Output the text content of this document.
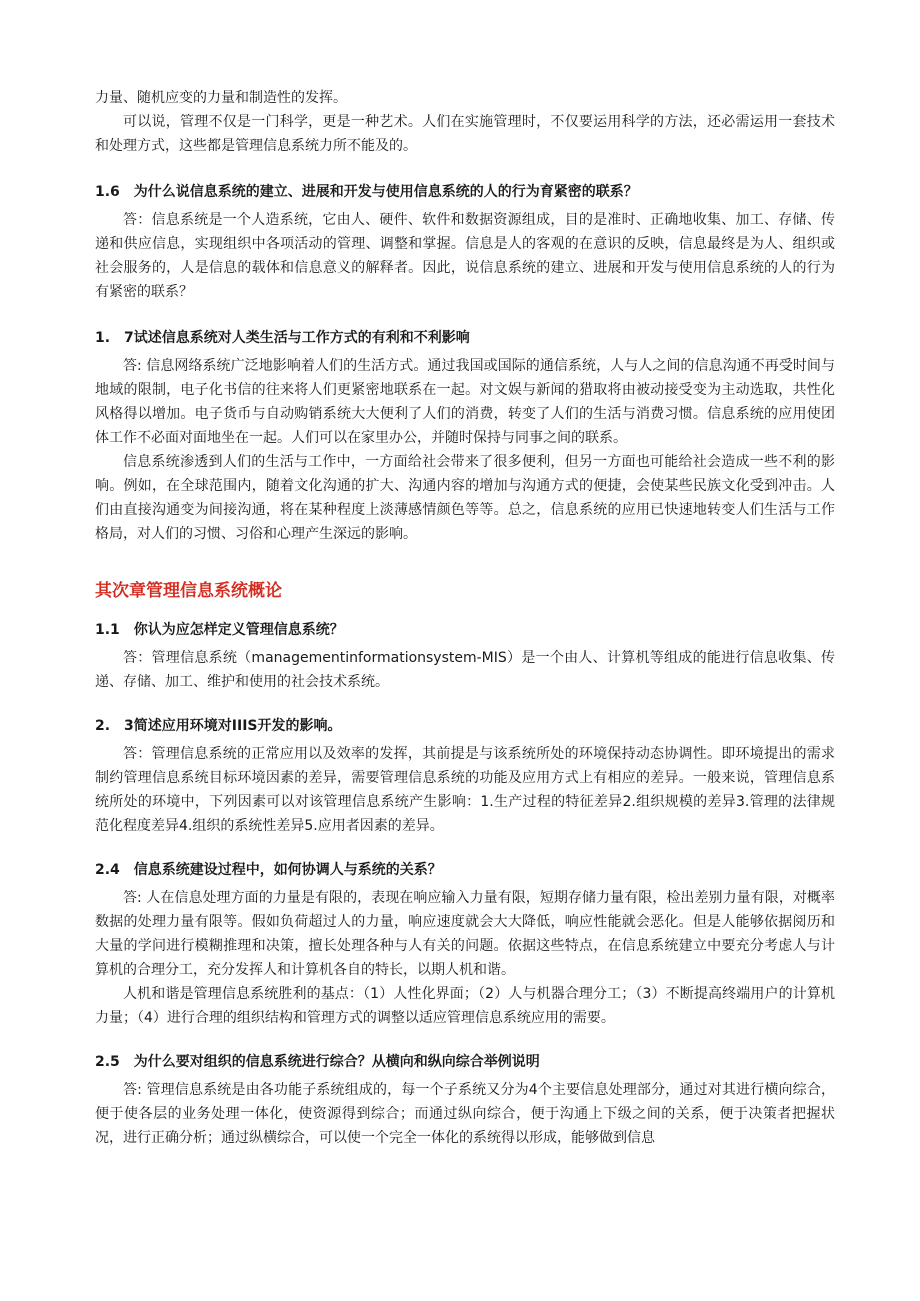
力量、随机应变的力量和制造性的发挥。

可以说，管理不仅是一门科学，更是一种艺术。人们在实施管理时，不仅要运用科学的方法，还必需运用一套技术和处理方式，这些都是管理信息系统力所不能及的。

1.6　为什么说信息系统的建立、进展和开发与使用信息系统的人的行为育紧密的联系？

答：信息系统是一个人造系统，它由人、硬件、软件和数据资源组成，目的是准时、正确地收集、加工、存储、传递和供应信息，实现组织中各项活动的管理、调整和掌握。信息是人的客观的在意识的反映，信息最终是为人、组织或社会服务的，人是信息的载体和信息意义的解释者。因此，说信息系统的建立、进展和开发与使用信息系统的人的行为有紧密的联系？

1.　7试述信息系统对人类生活与工作方式的有利和不利影响

答: 信息网络系统广泛地影响着人们的生活方式。通过我国或国际的通信系统，人与人之间的信息沟通不再受时间与地域的限制，电子化书信的往来将人们更紧密地联系在一起。对文娱与新闻的猎取将由被动接受变为主动选取，共性化风格得以增加。电子货币与自动购销系统大大便利了人们的消费，转变了人们的生活与消费习惯。信息系统的应用使团体工作不必面对面地坐在一起。人们可以在家里办公，并随时保持与同事之间的联系。

信息系统渗透到人们的生活与工作中，一方面给社会带来了很多便利，但另一方面也可能给社会造成一些不利的影响。例如，在全球范围内，随着文化沟通的扩大、沟通内容的增加与沟通方式的便捷，会使某些民族文化受到冲击。人们由直接沟通变为间接沟通，将在某种程度上淡薄感情颜色等等。总之，信息系统的应用已快速地转变人们生活与工作格局，对人们的习惯、习俗和心理产生深远的影响。

其次章管理信息系统概论

1.1　你认为应怎样定义管理信息系统？

答：管理信息系统（managementinformationsystem-MIS）是一个由人、计算机等组成的能进行信息收集、传递、存储、加工、维护和使用的社会技术系统。

2.　3简述应用环境对IIIS开发的影响。

答：管理信息系统的正常应用以及效率的发挥，其前提是与该系统所处的环境保持动态协调性。即环境提出的需求制约管理信息系统目标环境因素的差异，需要管理信息系统的功能及应用方式上有相应的差异。一般来说，管理信息系统所处的环境中，下列因素可以对该管理信息系统产生影响：1.生产过程的特征差异2.组织规模的差异3.管理的法律规范化程度差异4.组织的系统性差异5.应用者因素的差异。

2.4　信息系统建设过程中，如何协调人与系统的关系？

答: 人在信息处理方面的力量是有限的，表现在响应输入力量有限，短期存储力量有限，检出差别力量有限，对概率数据的处理力量有限等。假如负荷超过人的力量，响应速度就会大大降低，响应性能就会恶化。但是人能够依据阅历和大量的学问进行模糊推理和决策，擅长处理各种与人有关的问题。依据这些特点，在信息系统建立中要充分考虑人与计算机的合理分工，充分发挥人和计算机各自的特长，以期人机和谐。

人机和谐是管理信息系统胜利的基点：（1）人性化界面；（2）人与机器合理分工；（3）不断提高终端用户的计算机力量；（4）进行合理的组织结构和管理方式的调整以适应管理信息系统应用的需要。

2.5　为什么要对组织的信息系统进行综合？从横向和纵向综合举例说明

答: 管理信息系统是由各功能子系统组成的，每一个子系统又分为4个主要信息处理部分，通过对其进行横向综合，便于使各层的业务处理一体化，使资源得到综合；而通过纵向综合，便于沟通上下级之间的关系，便于决策者把握状况，进行正确分析；通过纵横综合，可以使一个完全一体化的系统得以形成，能够做到信息
